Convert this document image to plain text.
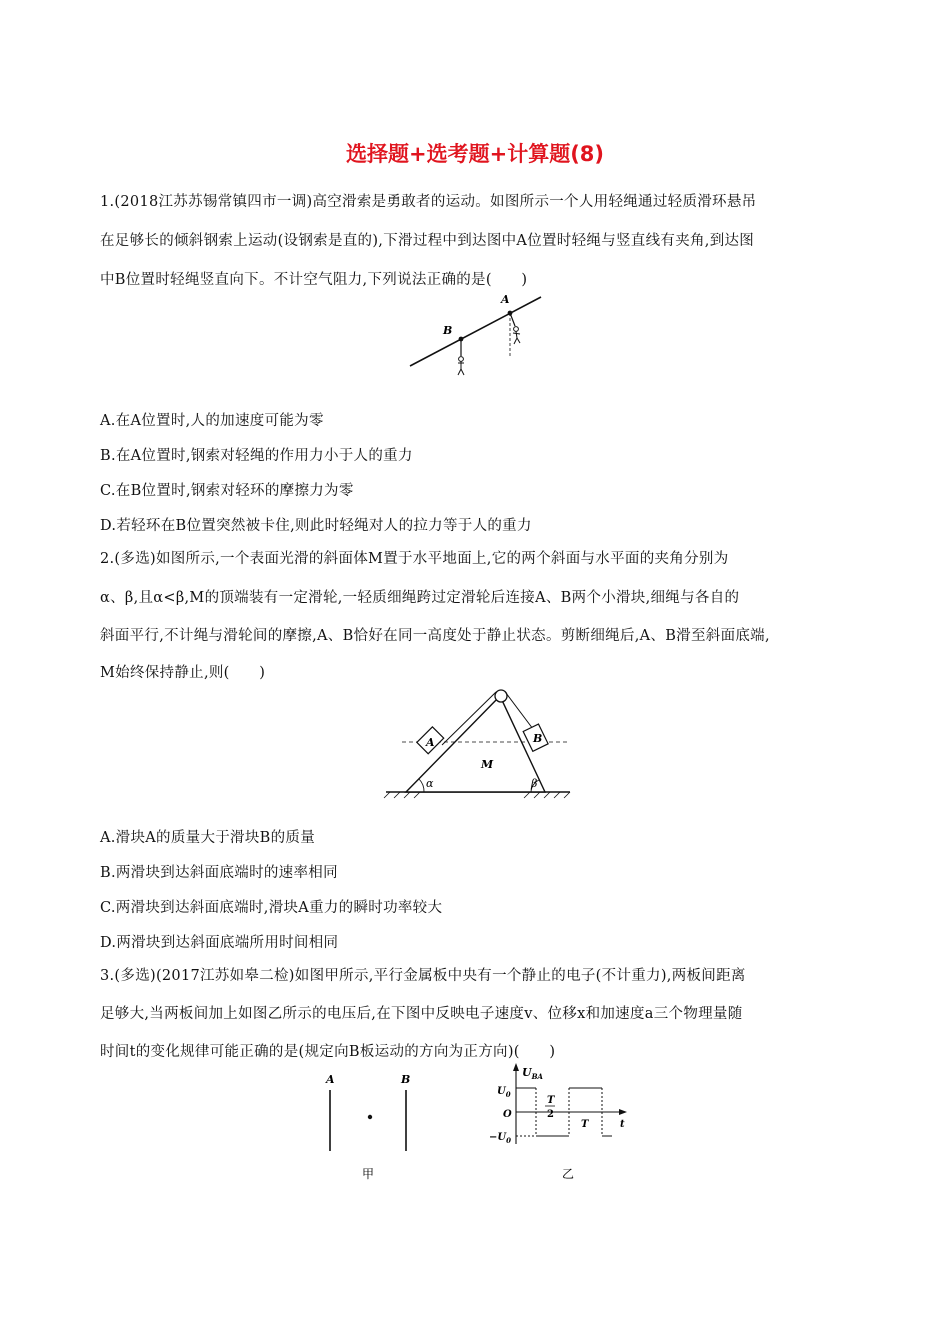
选择题+选考题+计算题(8)
1.(2018江苏苏锡常镇四市一调)高空滑索是勇敢者的运动。如图所示一个人用轻绳通过轻质滑环悬吊
在足够长的倾斜钢索上运动(设钢索是直的),下滑过程中到达图中A位置时轻绳与竖直线有夹角,到达图
中B位置时轻绳竖直向下。不计空气阻力,下列说法正确的是(　　)
B
A
A.在A位置时,人的加速度可能为零
B.在A位置时,钢索对轻绳的作用力小于人的重力
C.在B位置时,钢索对轻环的摩擦力为零
D.若轻环在B位置突然被卡住,则此时轻绳对人的拉力等于人的重力
2.(多选)如图所示,一个表面光滑的斜面体M置于水平地面上,它的两个斜面与水平面的夹角分别为
α、β,且α<β,M的顶端装有一定滑轮,一轻质细绳跨过定滑轮后连接A、B两个小滑块,细绳与各自的
斜面平行,不计绳与滑轮间的摩擦,A、B恰好在同一高度处于静止状态。剪断细绳后,A、B滑至斜面底端,
M始终保持静止,则(　　)
A	B
M
α	β
A.滑块A的质量大于滑块B的质量
B.两滑块到达斜面底端时的速率相同
C.两滑块到达斜面底端时,滑块A重力的瞬时功率较大
D.两滑块到达斜面底端所用时间相同
3.(多选)(2017江苏如皋二检)如图甲所示,平行金属板中央有一个静止的电子(不计重力),两板间距离
足够大,当两板间加上如图乙所示的电压后,在下图中反映电子速度v、位移x和加速度a三个物理量随
时间t的变化规律可能正确的是(规定向B板运动的方向为正方向)(　　)
A	B
甲
$U_{BA}$
$U_0$
O
$-U_0$
T
2
T	t
乙
